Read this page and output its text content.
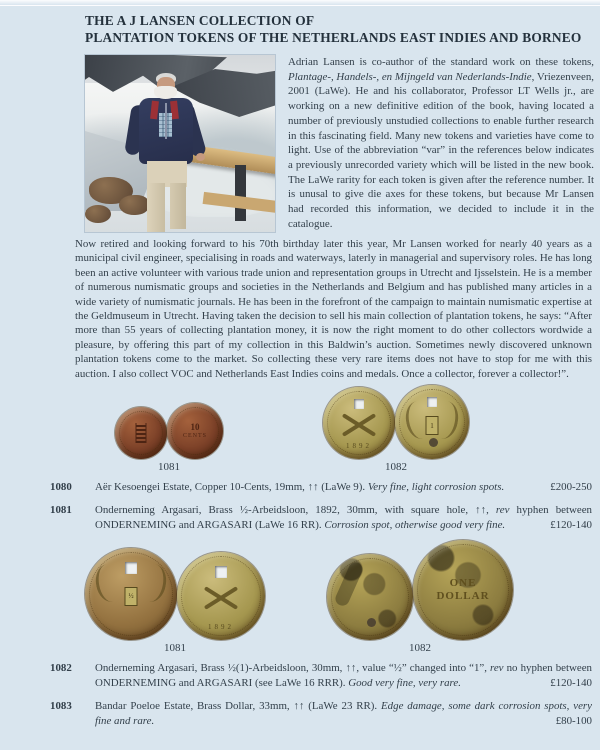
THE A J LANSEN COLLECTION OF
PLANTATION TOKENS OF THE NETHERLANDS EAST INDIES AND BORNEO
Adrian Lansen is co-author of the standard work on these tokens, Plantage-, Handels-, en Mijngeld van Nederlands-Indie, Vriezenveen, 2001 (LaWe). He and his collaborator, Professor LT Wells jr., are working on a new definitive edition of the book, having located a number of previously unstudied collections to enable further research in this fascinating field. Many new tokens and varieties have come to light. Use of the abbreviation “var” in the references below indicates a previously unrecorded variety which will be listed in the new book. The LaWe rarity for each token is given after the reference number. It is unusal to give die axes for these tokens, but because Mr Lansen had recorded this information, we decided to include it in the catalogue.
Now retired and looking forward to his 70th birthday later this year, Mr Lansen worked for nearly 40 years as a municipal civil engineer, specialising in roads and waterways, laterly in managerial and supervisory roles. He has long been an active volunteer with various trade union and representation groups in Utrecht and Ijsselstein. He is a member of numerous numismatic groups and societies in the Netherlands and Belgium and has published many articles in a wide variety of numismatic journals. He has been in the forefront of the campaign to maintain numismatic expertise at the Geldmuseum in Utrecht. Having taken the decision to sell his main collection of plantation tokens, he says: “After more than 55 years of collecting plantation money, it is now the right moment to do other collectors wordwide a pleasure, by offering this part of my collection in this Baldwin’s auction. Sometimes newly discovered unknown plantation tokens come to the market. So collecting these very rare items does not have to stop for me with this auction. I also collect VOC and Netherlands East Indies coins and medals. Once a collector, forever a collector!”.
10
CENTS
1081
1892
1
1082
1080	Aër Kesoengei Estate, Copper 10-Cents, 19mm, ↑↑ (LaWe 9). Very fine, light corrosion spots.	£200-250
1081	Onderneming Argasari, Brass ½-Arbeidsloon, 1892, 30mm, with square hole, ↑↑, rev hyphen between ONDERNEMING and ARGASARI (LaWe 16 RR). Corrosion spot, otherwise good very fine.	£120-140
½
1892
1081
ONE
DOLLAR
1082
1082	Onderneming Argasari, Brass ½(1)-Arbeidsloon, 30mm, ↑↑, value “½” changed into “1”, rev no hyphen between ONDERNEMING and ARGASARI (see LaWe 16 RRR). Good very fine, very rare.	£120-140
1083	Bandar Poeloe Estate, Brass Dollar, 33mm, ↑↑ (LaWe 23 RR). Edge damage, some dark corrosion spots, very fine and rare.	£80-100
